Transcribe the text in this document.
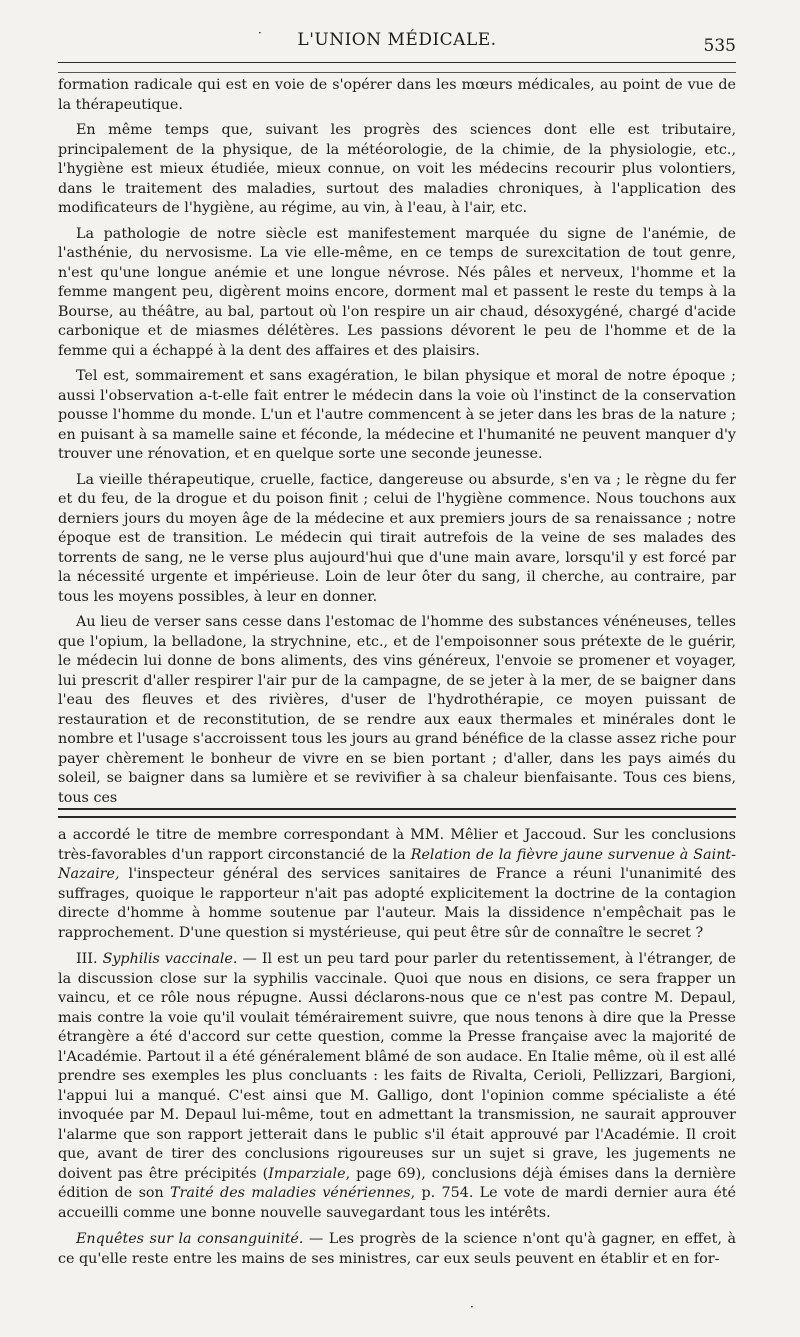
·	L'UNION MÉDICALE.	535

formation radicale qui est en voie de s'opérer dans les mœurs médicales, au point de vue de la thérapeutique.

En même temps que, suivant les progrès des sciences dont elle est tributaire, principalement de la physique, de la météorologie, de la chimie, de la physiologie, etc., l'hygiène est mieux étudiée, mieux connue, on voit les médecins recourir plus volontiers, dans le traitement des maladies, surtout des maladies chroniques, à l'application des modificateurs de l'hygiène, au régime, au vin, à l'eau, à l'air, etc.

La pathologie de notre siècle est manifestement marquée du signe de l'anémie, de l'asthénie, du nervosisme. La vie elle-même, en ce temps de surexcitation de tout genre, n'est qu'une longue anémie et une longue névrose. Nés pâles et nerveux, l'homme et la femme mangent peu, digèrent moins encore, dorment mal et passent le reste du temps à la Bourse, au théâtre, au bal, partout où l'on respire un air chaud, désoxygéné, chargé d'acide carbonique et de miasmes délétères. Les passions dévorent le peu de l'homme et de la femme qui a échappé à la dent des affaires et des plaisirs.

Tel est, sommairement et sans exagération, le bilan physique et moral de notre époque ; aussi l'observation a-t-elle fait entrer le médecin dans la voie où l'instinct de la conservation pousse l'homme du monde. L'un et l'autre commencent à se jeter dans les bras de la nature ; en puisant à sa mamelle saine et féconde, la médecine et l'humanité ne peuvent manquer d'y trouver une rénovation, et en quelque sorte une seconde jeunesse.

La vieille thérapeutique, cruelle, factice, dangereuse ou absurde, s'en va ; le règne du fer et du feu, de la drogue et du poison finit ; celui de l'hygiène commence. Nous touchons aux derniers jours du moyen âge de la médecine et aux premiers jours de sa renaissance ; notre époque est de transition. Le médecin qui tirait autrefois de la veine de ses malades des torrents de sang, ne le verse plus aujourd'hui que d'une main avare, lorsqu'il y est forcé par la nécessité urgente et impérieuse. Loin de leur ôter du sang, il cherche, au contraire, par tous les moyens possibles, à leur en donner.

Au lieu de verser sans cesse dans l'estomac de l'homme des substances vénéneuses, telles que l'opium, la belladone, la strychnine, etc., et de l'empoisonner sous prétexte de le guérir, le médecin lui donne de bons aliments, des vins généreux, l'envoie se promener et voyager, lui prescrit d'aller respirer l'air pur de la campagne, de se jeter à la mer, de se baigner dans l'eau des fleuves et des rivières, d'user de l'hydrothérapie, ce moyen puissant de restauration et de reconstitution, de se rendre aux eaux thermales et minérales dont le nombre et l'usage s'accroissent tous les jours au grand bénéfice de la classe assez riche pour payer chèrement le bonheur de vivre en se bien portant ; d'aller, dans les pays aimés du soleil, se baigner dans sa lumière et se revivifier à sa chaleur bienfaisante. Tous ces biens, tous ces

a accordé le titre de membre correspondant à MM. Mêlier et Jaccoud. Sur les conclusions très-favorables d'un rapport circonstancié de la Relation de la fièvre jaune survenue à Saint-Nazaire, l'inspecteur général des services sanitaires de France a réuni l'unanimité des suffrages, quoique le rapporteur n'ait pas adopté explicitement la doctrine de la contagion directe d'homme à homme soutenue par l'auteur. Mais la dissidence n'empêchait pas le rapprochement. D'une question si mystérieuse, qui peut être sûr de connaître le secret ?

III. Syphilis vaccinale. — Il est un peu tard pour parler du retentissement, à l'étranger, de la discussion close sur la syphilis vaccinale. Quoi que nous en disions, ce sera frapper un vaincu, et ce rôle nous répugne. Aussi déclarons-nous que ce n'est pas contre M. Depaul, mais contre la voie qu'il voulait témérairement suivre, que nous tenons à dire que la Presse étrangère a été d'accord sur cette question, comme la Presse française avec la majorité de l'Académie. Partout il a été généralement blâmé de son audace. En Italie même, où il est allé prendre ses exemples les plus concluants : les faits de Rivalta, Cerioli, Pellizzari, Bargioni, l'appui lui a manqué. C'est ainsi que M. Galligo, dont l'opinion comme spécialiste a été invoquée par M. Depaul lui-même, tout en admettant la transmission, ne saurait approuver l'alarme que son rapport jetterait dans le public s'il était approuvé par l'Académie. Il croit que, avant de tirer des conclusions rigoureuses sur un sujet si grave, les jugements ne doivent pas être précipités (Imparziale, page 69), conclusions déjà émises dans la dernière édition de son Traité des maladies vénériennes, p. 754. Le vote de mardi dernier aura été accueilli comme une bonne nouvelle sauvegardant tous les intérêts.

Enquêtes sur la consanguinité. — Les progrès de la science n'ont qu'à gagner, en effet, à ce qu'elle reste entre les mains de ses ministres, car eux seuls peuvent en établir et en for-

·
